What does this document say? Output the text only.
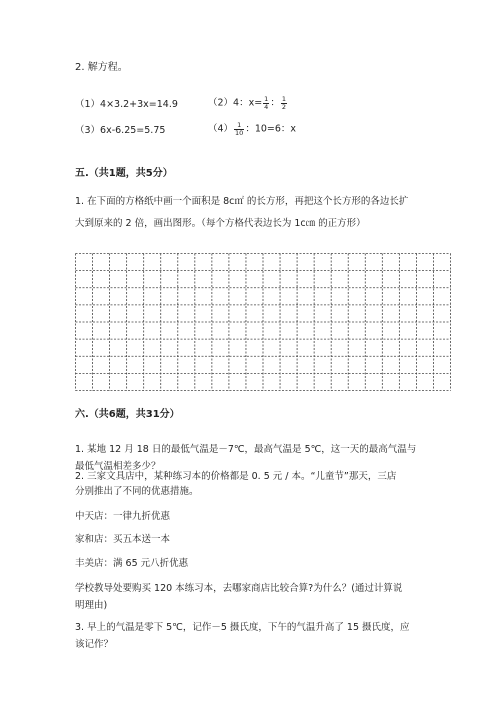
2. 解方程。
（1）4×3.2+3x=14.9	（2）4：$x= \frac{1}{4}$ ： $\frac{1}{2}$
（3）6x-6.25=5.75	$(4) \frac{1}{10}$ ：10=6：x
五.（共1题，共5分）
1. 在下面的方格纸中画一个面积是 8c㎡ 的长方形，再把这个长方形的各边长扩
大到原来的 2 倍，画出图形。（每个方格代表边长为 1c㎝ 的正方形）
六.（共6题，共31分）
1. 某地 12 月 18 日的最低气温是－7℃，最高气温是 5℃，这一天的最高气温与
最低气温相差多少？
2. 三家文具店中，某种练习本的价格都是 0. 5 元 / 本。“儿童节”那天，三店
分别推出了不同的优惠措施。
中天店：一律九折优惠
家和店：买五本送一本
丰美店：满 65 元八折优惠
学校教导处要购买 120 本练习本，去哪家商店比较合算?为什么？(通过计算说
明理由)
3. 早上的气温是零下 5℃，记作－5 摄氏度，下午的气温升高了 15 摄氏度，应
该记作？
